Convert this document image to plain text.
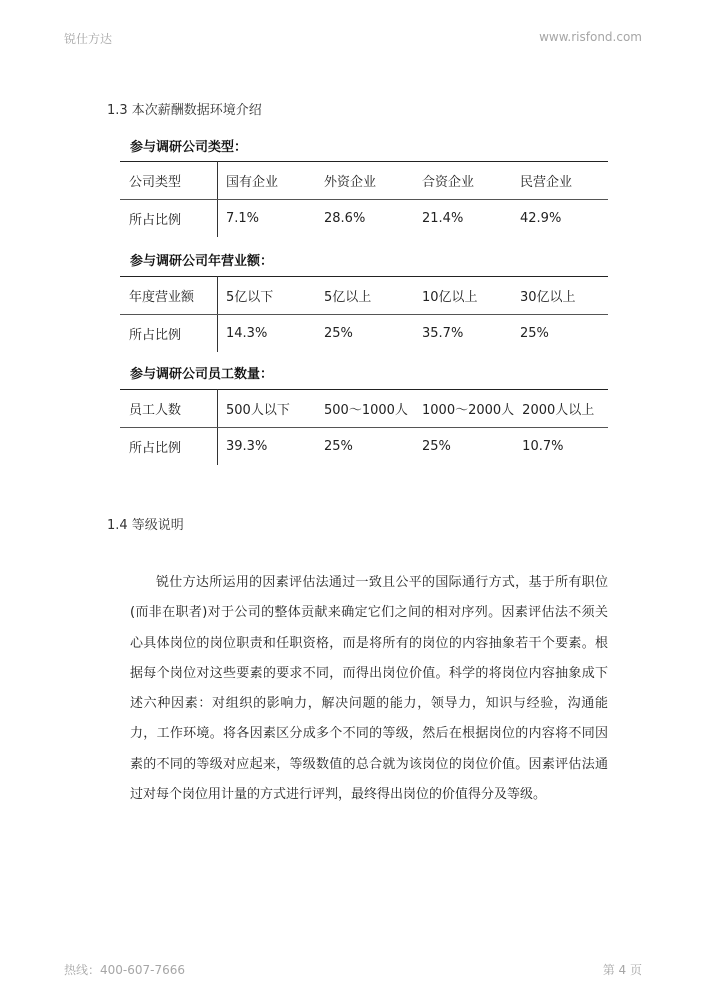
锐仕方达	www.risfond.com
1.3 本次薪酬数据环境介绍
参与调研公司类型：
公司类型	国有企业	外资企业	合资企业	民营企业
所占比例	7.1%	28.6%	21.4%	42.9%
参与调研公司年营业额：
年度营业额	5亿以下	5亿以上	10亿以上	30亿以上
所占比例	14.3%	25%	35.7%	25%
参与调研公司员工数量：
员工人数	500人以下	500～1000人	1000～2000人	2000人以上
所占比例	39.3%	25%	25%	10.7%
1.4 等级说明

锐仕方达所运用的因素评估法通过一致且公平的国际通行方式，基于所有职位(而非在职者)对于公司的整体贡献来确定它们之间的相对序列。因素评估法不须关心具体岗位的岗位职责和任职资格，而是将所有的岗位的内容抽象若干个要素。根据每个岗位对这些要素的要求不同，而得出岗位价值。科学的将岗位内容抽象成下述六种因素：对组织的影响力，解决问题的能力，领导力，知识与经验，沟通能力，工作环境。将各因素区分成多个不同的等级，然后在根据岗位的内容将不同因素的不同的等级对应起来，等级数值的总合就为该岗位的岗位价值。因素评估法通过对每个岗位用计量的方式进行评判，最终得出岗位的价值得分及等级。

热线：400-607-7666	第 4 页
